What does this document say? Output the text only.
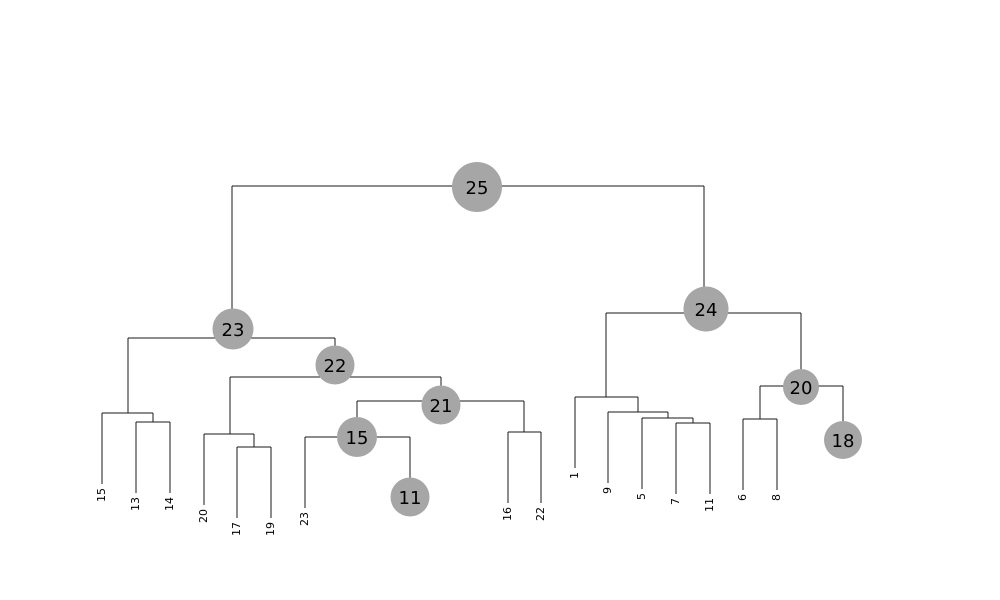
25
24
23
22
21
20
15	18
11
15
13 14
20
17 19
23	16 22
1
9
5
7 11
6 8
